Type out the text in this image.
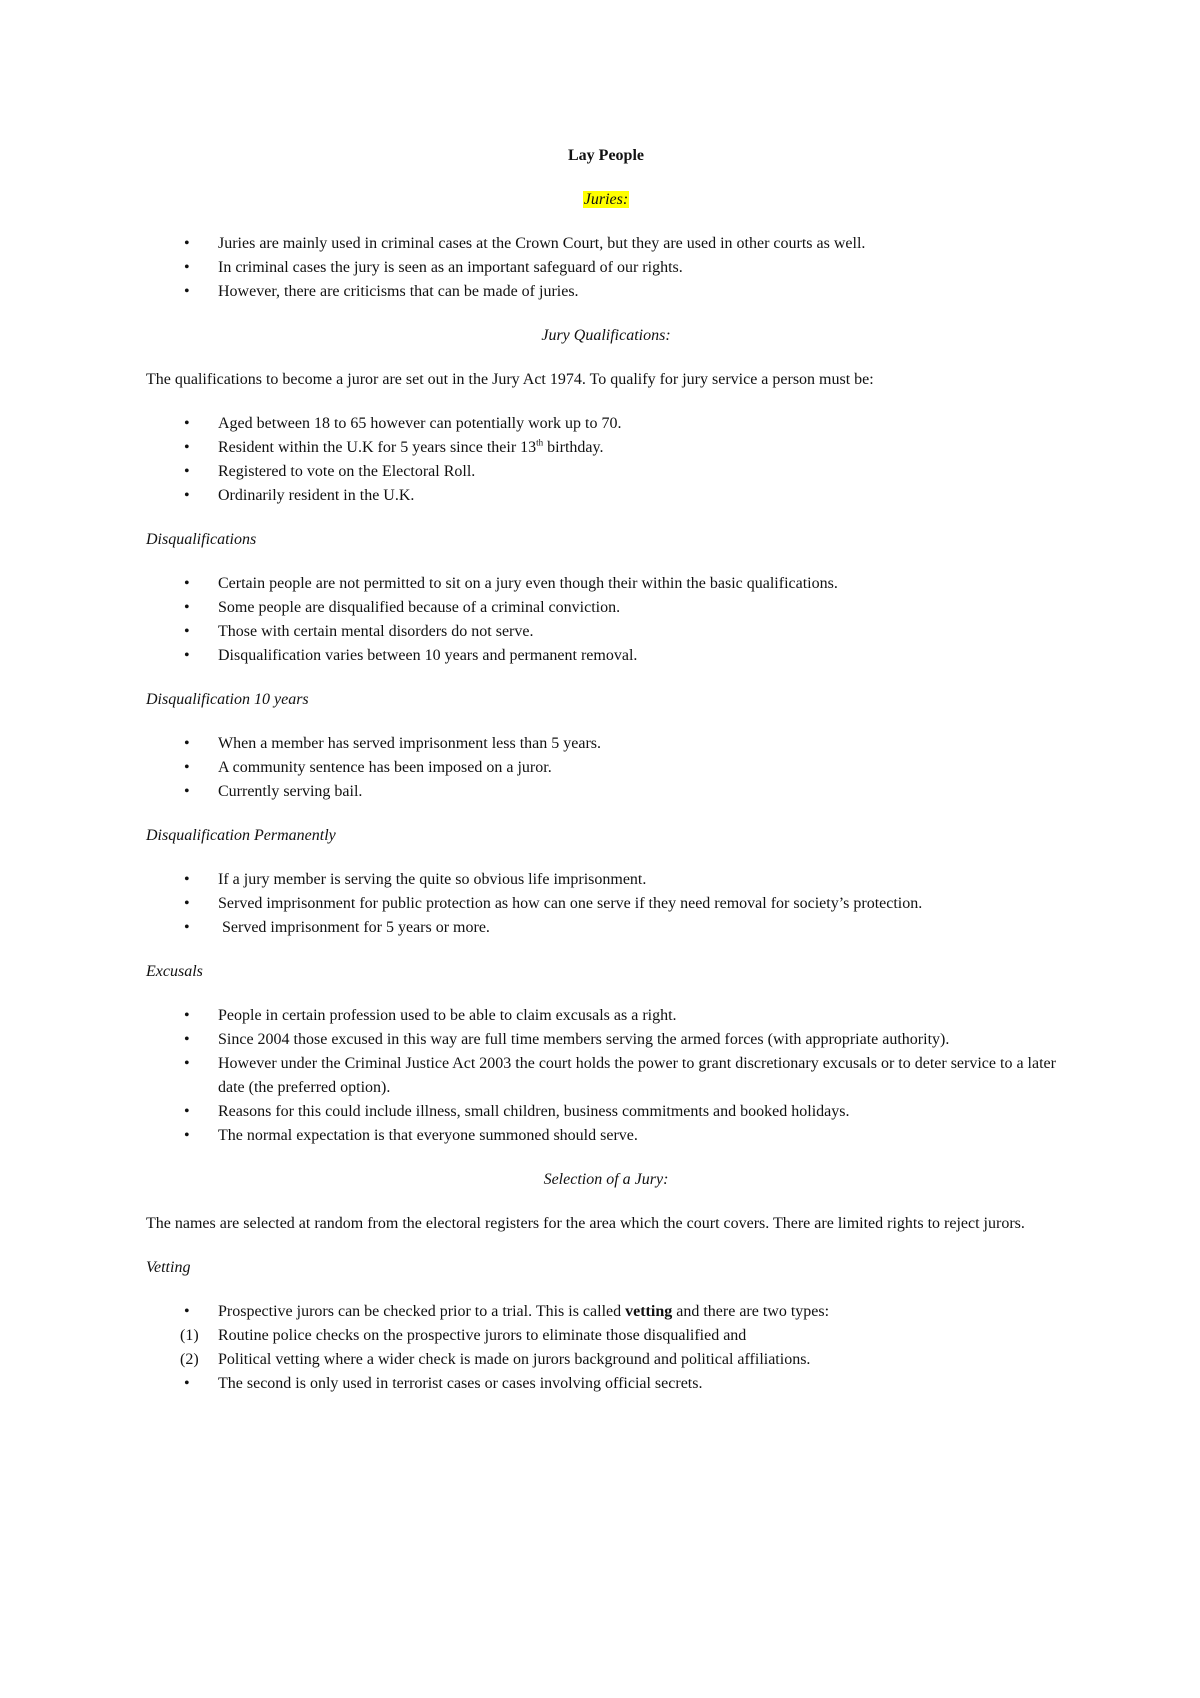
Lay People
Juries:
•	Juries are mainly used in criminal cases at the Crown Court, but they are used in other courts as well.
•	In criminal cases the jury is seen as an important safeguard of our rights.
•	However, there are criticisms that can be made of juries.
Jury Qualifications:
The qualifications to become a juror are set out in the Jury Act 1974. To qualify for jury service a person must be:
•	Aged between 18 to 65 however can potentially work up to 70.
•	Resident within the U.K for 5 years since their 13th birthday.
•	Registered to vote on the Electoral Roll.
•	Ordinarily resident in the U.K.
Disqualifications
•	Certain people are not permitted to sit on a jury even though their within the basic qualifications.
•	Some people are disqualified because of a criminal conviction.
•	Those with certain mental disorders do not serve.
•	Disqualification varies between 10 years and permanent removal.
Disqualification 10 years
•	When a member has served imprisonment less than 5 years.
•	A community sentence has been imposed on a juror.
•	Currently serving bail.
Disqualification Permanently
•	If a jury member is serving the quite so obvious life imprisonment.
•	Served imprisonment for public protection as how can one serve if they need removal for society’s protection.
•	Served imprisonment for 5 years or more.
Excusals
•	People in certain profession used to be able to claim excusals as a right.
•	Since 2004 those excused in this way are full time members serving the armed forces (with appropriate authority).
•	However under the Criminal Justice Act 2003 the court holds the power to grant discretionary excusals or to deter service to a later date (the preferred option).
•	Reasons for this could include illness, small children, business commitments and booked holidays.
•	The normal expectation is that everyone summoned should serve.
Selection of a Jury:
The names are selected at random from the electoral registers for the area which the court covers. There are limited rights to reject jurors.
Vetting
•	Prospective jurors can be checked prior to a trial. This is called vetting and there are two types:
(1)	Routine police checks on the prospective jurors to eliminate those disqualified and
(2)	Political vetting where a wider check is made on jurors background and political affiliations.
•	The second is only used in terrorist cases or cases involving official secrets.
